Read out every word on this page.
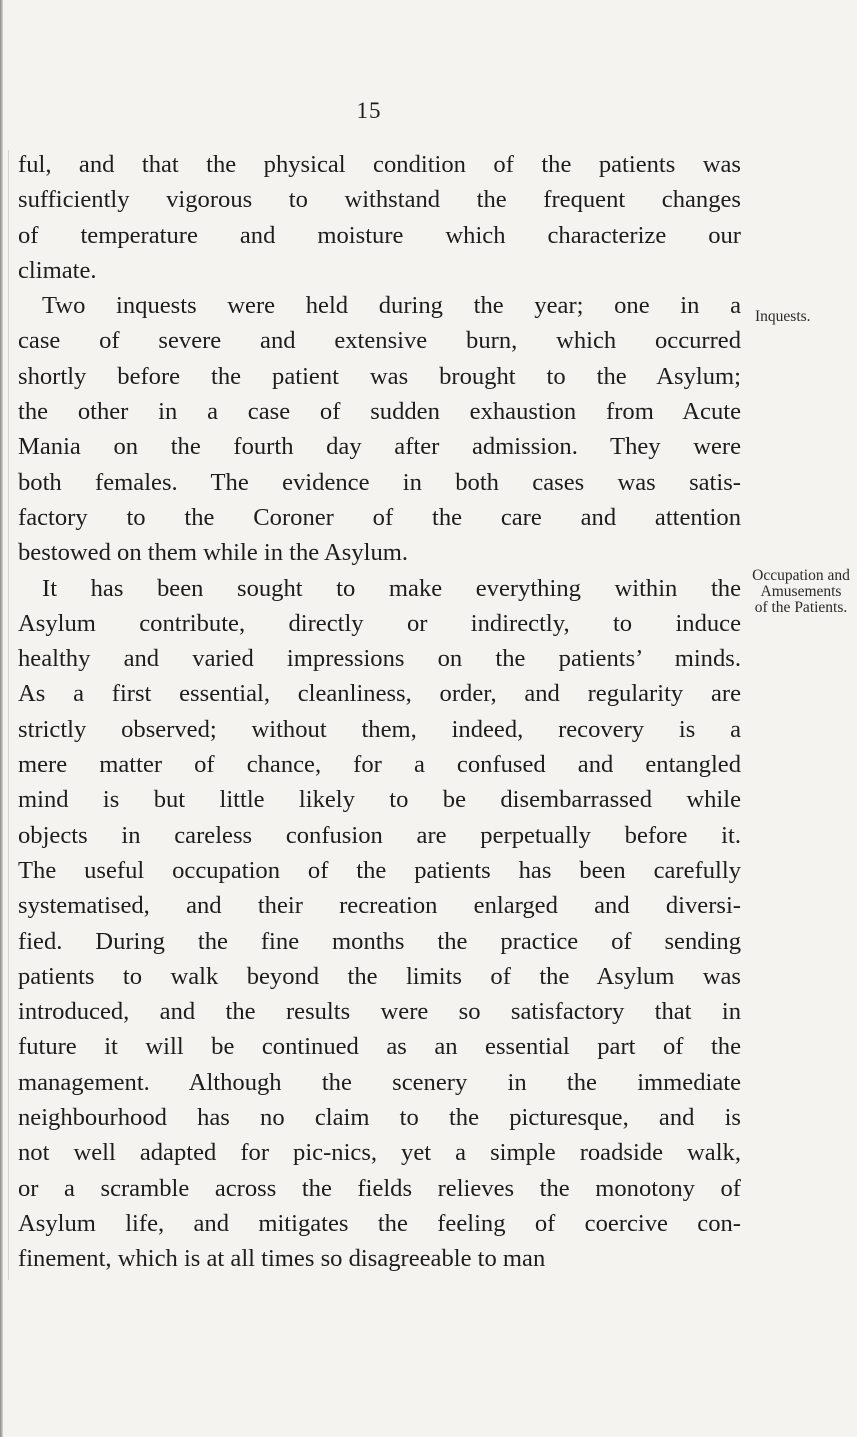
15
Inquests.
Occupation and
Amusements
of the Patients.
ful, and that the physical condition of the patients was
sufficiently vigorous to withstand the frequent changes
of temperature and moisture which characterize our
climate.
Two inquests were held during the year; one in a
case of severe and extensive burn, which occurred
shortly before the patient was brought to the Asylum;
the other in a case of sudden exhaustion from Acute
Mania on the fourth day after admission. They were
both females. The evidence in both cases was satis-
factory to the Coroner of the care and attention
bestowed on them while in the Asylum.
It has been sought to make everything within the
Asylum contribute, directly or indirectly, to induce
healthy and varied impressions on the patients’ minds.
As a first essential, cleanliness, order, and regularity are
strictly observed; without them, indeed, recovery is a
mere matter of chance, for a confused and entangled
mind is but little likely to be disembarrassed while
objects in careless confusion are perpetually before it.
The useful occupation of the patients has been carefully
systematised, and their recreation enlarged and diversi-
fied. During the fine months the practice of sending
patients to walk beyond the limits of the Asylum was
introduced, and the results were so satisfactory that in
future it will be continued as an essential part of the
management. Although the scenery in the immediate
neighbourhood has no claim to the picturesque, and is
not well adapted for pic-nics, yet a simple roadside walk,
or a scramble across the fields relieves the monotony of
Asylum life, and mitigates the feeling of coercive con-
finement, which is at all times so disagreeable to man
